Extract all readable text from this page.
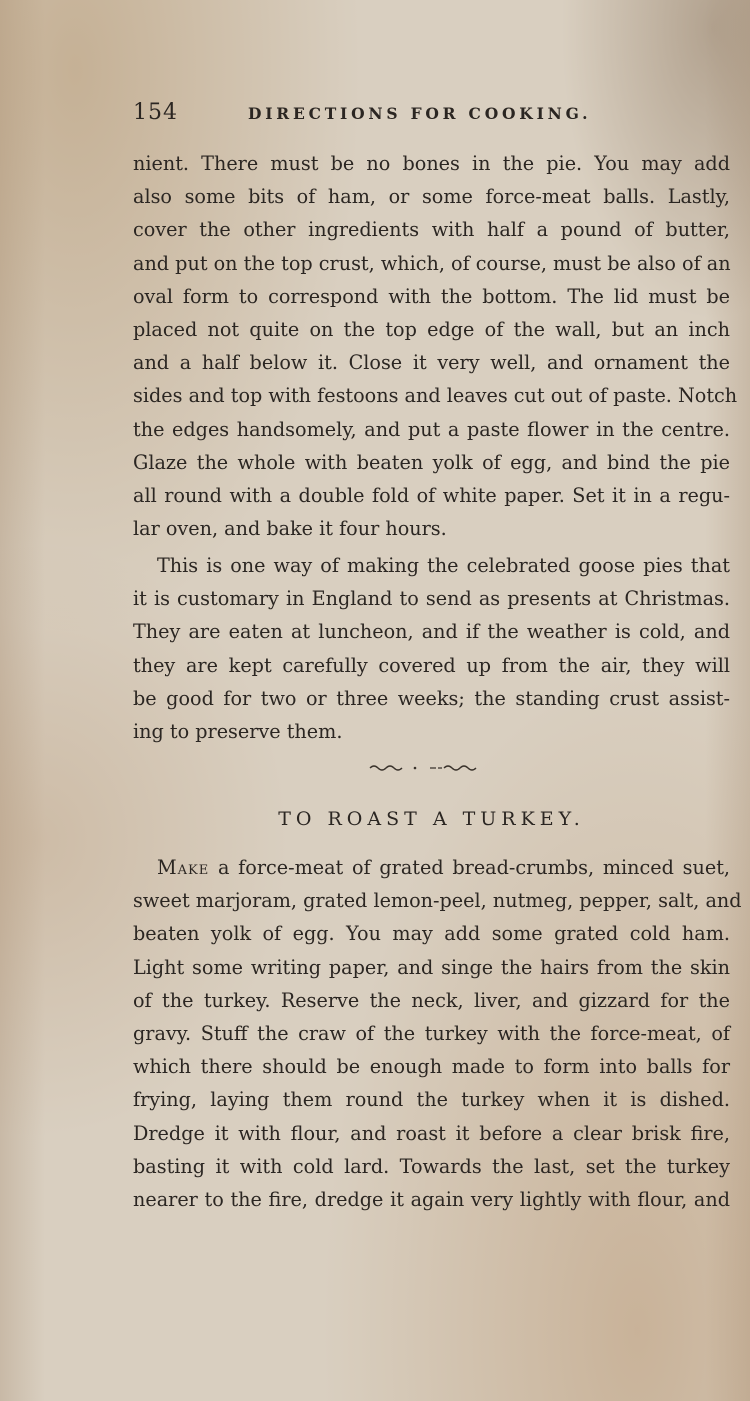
154	DIRECTIONS FOR COOKING.
nient. There must be no bones in the pie. You may add
also some bits of ham, or some force-meat balls. Lastly,
cover the other ingredients with half a pound of butter,
and put on the top crust, which, of course, must be also of an
oval form to correspond with the bottom. The lid must be
placed not quite on the top edge of the wall, but an inch
and a half below it. Close it very well, and ornament the
sides and top with festoons and leaves cut out of paste. Notch
the edges handsomely, and put a paste flower in the centre.
Glaze the whole with beaten yolk of egg, and bind the pie
all round with a double fold of white paper. Set it in a regu-
lar oven, and bake it four hours.
This is one way of making the celebrated goose pies that
it is customary in England to send as presents at Christmas.
They are eaten at luncheon, and if the weather is cold, and
they are kept carefully covered up from the air, they will
be good for two or three weeks; the standing crust assist-
ing to preserve them.
TO ROAST A TURKEY.
Make a force-meat of grated bread-crumbs, minced suet,
sweet marjoram, grated lemon-peel, nutmeg, pepper, salt, and
beaten yolk of egg. You may add some grated cold ham.
Light some writing paper, and singe the hairs from the skin
of the turkey. Reserve the neck, liver, and gizzard for the
gravy. Stuff the craw of the turkey with the force-meat, of
which there should be enough made to form into balls for
frying, laying them round the turkey when it is dished.
Dredge it with flour, and roast it before a clear brisk fire,
basting it with cold lard. Towards the last, set the turkey
nearer to the fire, dredge it again very lightly with flour, and
